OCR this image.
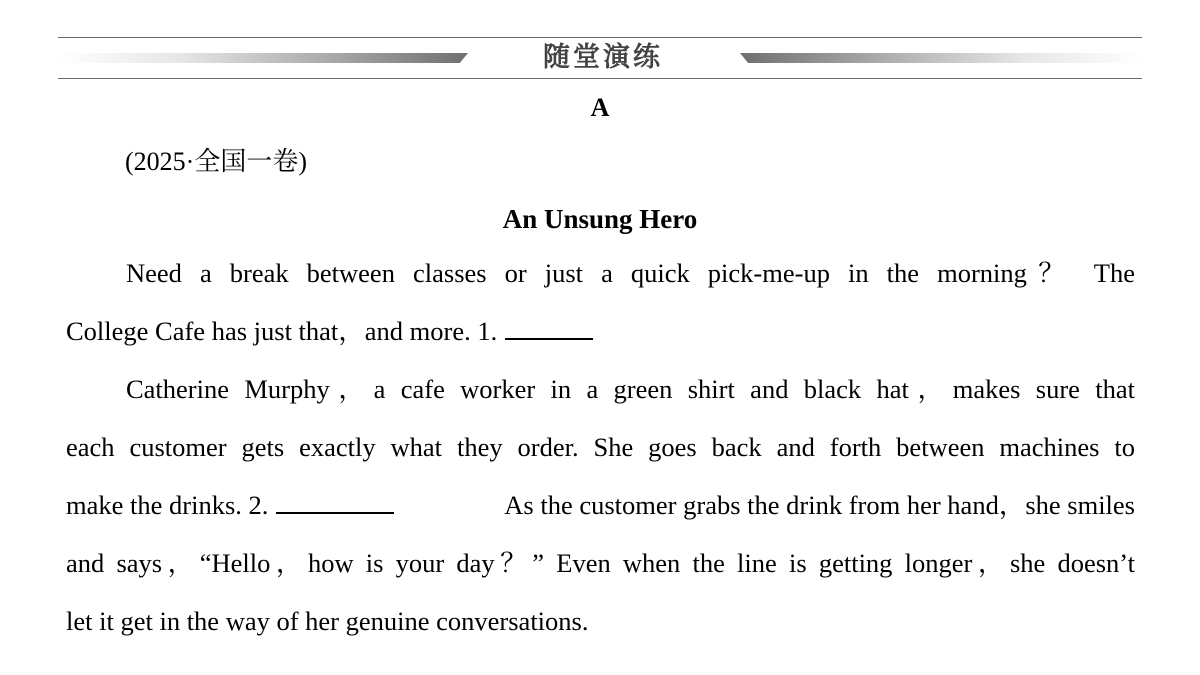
随堂演练
A
(2025·全国一卷)
An Unsung Hero
Need a break between classes or just a quick pick-me-up in the morning？ The
College Cafe has just that，and more. 1.
Catherine Murphy，a cafe worker in a green shirt and black hat，makes sure that
each customer gets exactly what they order. She goes back and forth between machines to
make the drinks. 2.	As the customer grabs the drink from her hand，she smiles
and says，“Hello，how is your day？” Even when the line is getting longer，she doesn’t
let it get in the way of her genuine conversations.
